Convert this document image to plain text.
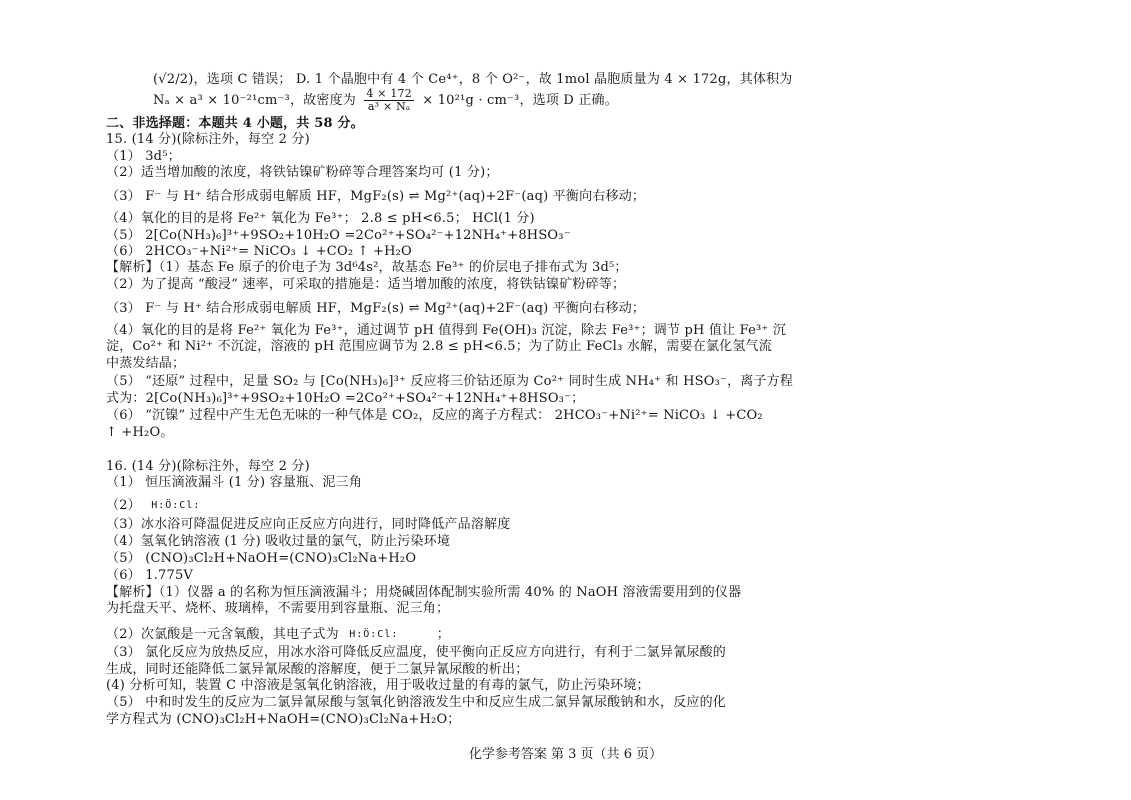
(√2/2)，选项 C 错误； D. 1 个晶胞中有 4 个 Ce⁴⁺，8 个 O²⁻，故 1mol 晶胞质量为 4 × 172g，其体积为
Nₐ × a³ × 10⁻²¹cm⁻³，故密度为 $\frac{4 \times 172}{\text{a³ × Nₐ}} \times 10^{21}g \cdot cm^{-3}$，选项 D 正确。
二、非选择题：本题共 4 小题，共 58 分。
15. (14 分)(除标注外，每空 2 分)
（1） 3d⁵；
（2）适当增加酸的浓度，将铁钴镍矿粉碎等合理答案均可 (1 分)；
（3） F⁻ 与 H⁺ 结合形成弱电解质 HF，MgF₂(s) ⇌ Mg²⁺(aq)+2F⁻(aq) 平衡向右移动；
（4）氧化的目的是将 Fe²⁺ 氧化为 Fe³⁺； 2.8 ≤ pH<6.5； HCl(1 分)
（5） 2[Co(NH₃)₆]³⁺+9SO₂+10H₂O =2Co²⁺+SO₄²⁻+12NH₄⁺+8HSO₃⁻
（6） 2HCO₃⁻+Ni²⁺= NiCO₃ ↓ +CO₂ ↑ +H₂O
【解析】（1）基态 Fe 原子的价电子为 3d⁶4s²，故基态 Fe³⁺ 的价层电子排布式为 3d⁵；
（2）为了提高 “酸浸” 速率，可采取的措施是：适当增加酸的浓度，将铁钴镍矿粉碎等；
（3） F⁻ 与 H⁺ 结合形成弱电解质 HF，MgF₂(s) ⇌ Mg²⁺(aq)+2F⁻(aq) 平衡向右移动；
（4）氧化的目的是将 Fe²⁺ 氧化为 Fe³⁺，通过调节 pH 值得到 Fe(OH)₃ 沉淀，除去 Fe³⁺；调节 pH 值让 Fe³⁺ 沉
淀，Co²⁺ 和 Ni²⁺ 不沉淀，溶液的 pH 范围应调节为 2.8 ≤ pH<6.5；为了防止 FeCl₃ 水解，需要在氯化氢气流
中蒸发结晶；
（5） “还原” 过程中，足量 SO₂ 与 [Co(NH₃)₆]³⁺ 反应将三价钴还原为 Co²⁺ 同时生成 NH₄⁺ 和 HSO₃⁻，离子方程
式为：2[Co(NH₃)₆]³⁺+9SO₂+10H₂O =2Co²⁺+SO₄²⁻+12NH₄⁺+8HSO₃⁻；
（6） “沉镍” 过程中产生无色无味的一种气体是 CO₂，反应的离子方程式： 2HCO₃⁻+Ni²⁺= NiCO₃ ↓ +CO₂
↑ +H₂O。
16. (14 分)(除标注外，每空 2 分)
（1） 恒压滴液漏斗 (1 分) 容量瓶、泥三角
（2） H:Ö:Cl:
（3）冰水浴可降温促进反应向正反应方向进行，同时降低产品溶解度
（4）氢氧化钠溶液 (1 分) 吸收过量的氯气，防止污染环境
（5） (CNO)₃Cl₂H+NaOH=(CNO)₃Cl₂Na+H₂O
（6） 1.775V
【解析】（1）仪器 a 的名称为恒压滴液漏斗；用烧碱固体配制实验所需 40% 的 NaOH 溶液需要用到的仪器
为托盘天平、烧杯、玻璃棒，不需要用到容量瓶、泥三角；
（2）次氯酸是一元含氧酸，其电子式为 H:Ö:Cl:	；
（3） 氯化反应为放热反应，用冰水浴可降低反应温度，使平衡向正反应方向进行，有利于二氯异氰尿酸的
生成，同时还能降低二氯异氰尿酸的溶解度，便于二氯异氰尿酸的析出；
(4) 分析可知，装置 C 中溶液是氢氧化钠溶液，用于吸收过量的有毒的氯气，防止污染环境；
（5） 中和时发生的反应为二氯异氰尿酸与氢氧化钠溶液发生中和反应生成二氯异氰尿酸钠和水，反应的化
学方程式为 (CNO)₃Cl₂H+NaOH=(CNO)₃Cl₂Na+H₂O；
化学参考答案 第 3 页（共 6 页）
